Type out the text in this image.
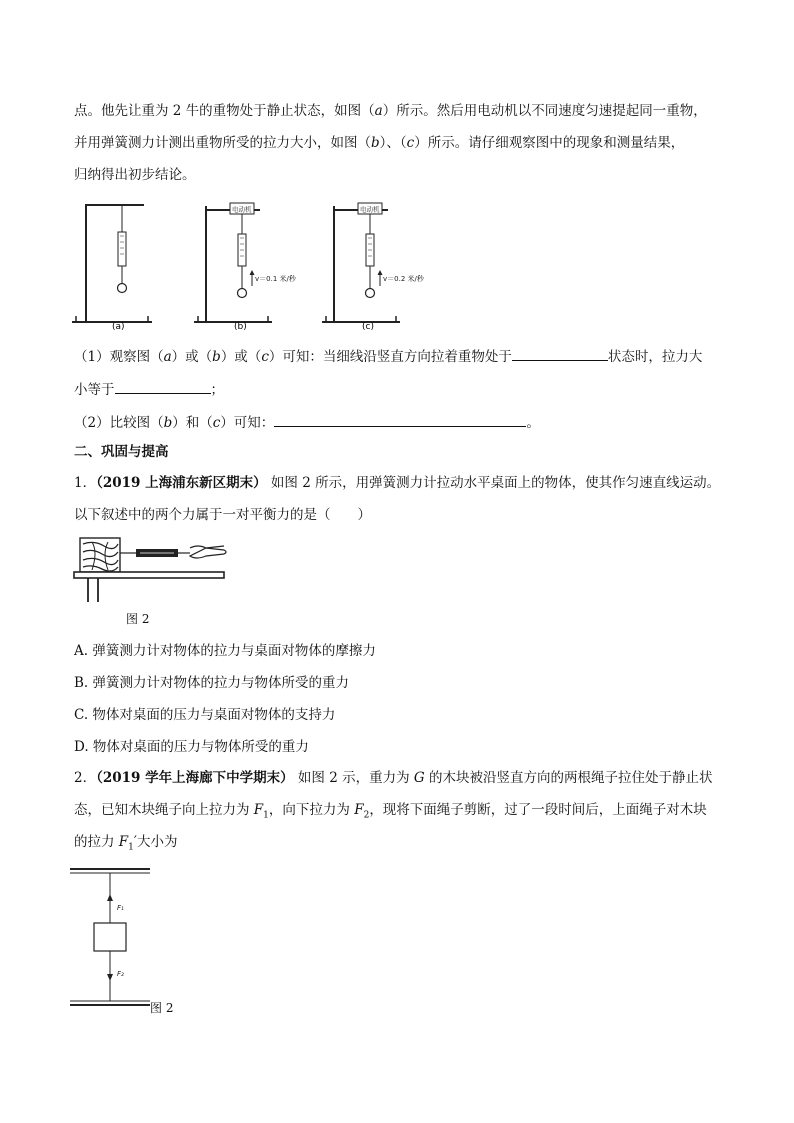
点。他先让重为 2 牛的重物处于静止状态，如图（a）所示。然后用电动机以不同速度匀速提起同一重物，
并用弹簧测力计测出重物所受的拉力大小，如图（b）、（c）所示。请仔细观察图中的现象和测量结果，
归纳得出初步结论。
(a)
电动机
v＝0.1 米/秒
(b)
电动机
v＝0.2 米/秒
(c)
（1）观察图（a）或（b）或（c）可知：当细线沿竖直方向拉着重物处于	状态时，拉力大
小等于	；
（2）比较图（b）和（c）可知：	。
二、巩固与提高
1．（2019 上海浦东新区期末） 如图 2 所示，用弹簧测力计拉动水平桌面上的物体，使其作匀速直线运动。
以下叙述中的两个力属于一对平衡力的是（　　）
图 2
A. 弹簧测力计对物体的拉力与桌面对物体的摩擦力
B. 弹簧测力计对物体的拉力与物体所受的重力
C. 物体对桌面的压力与桌面对物体的支持力
D. 物体对桌面的压力与物体所受的重力
2．（2019 学年上海廊下中学期末） 如图 2 示，重力为 G 的木块被沿竖直方向的两根绳子拉住处于静止状
态，已知木块绳子向上拉力为 $F_1$，向下拉力为 $F_2$，现将下面绳子剪断，过了一段时间后，上面绳子对木块
的拉力 $F_1'$大小为
F₁
F₂
图 2
